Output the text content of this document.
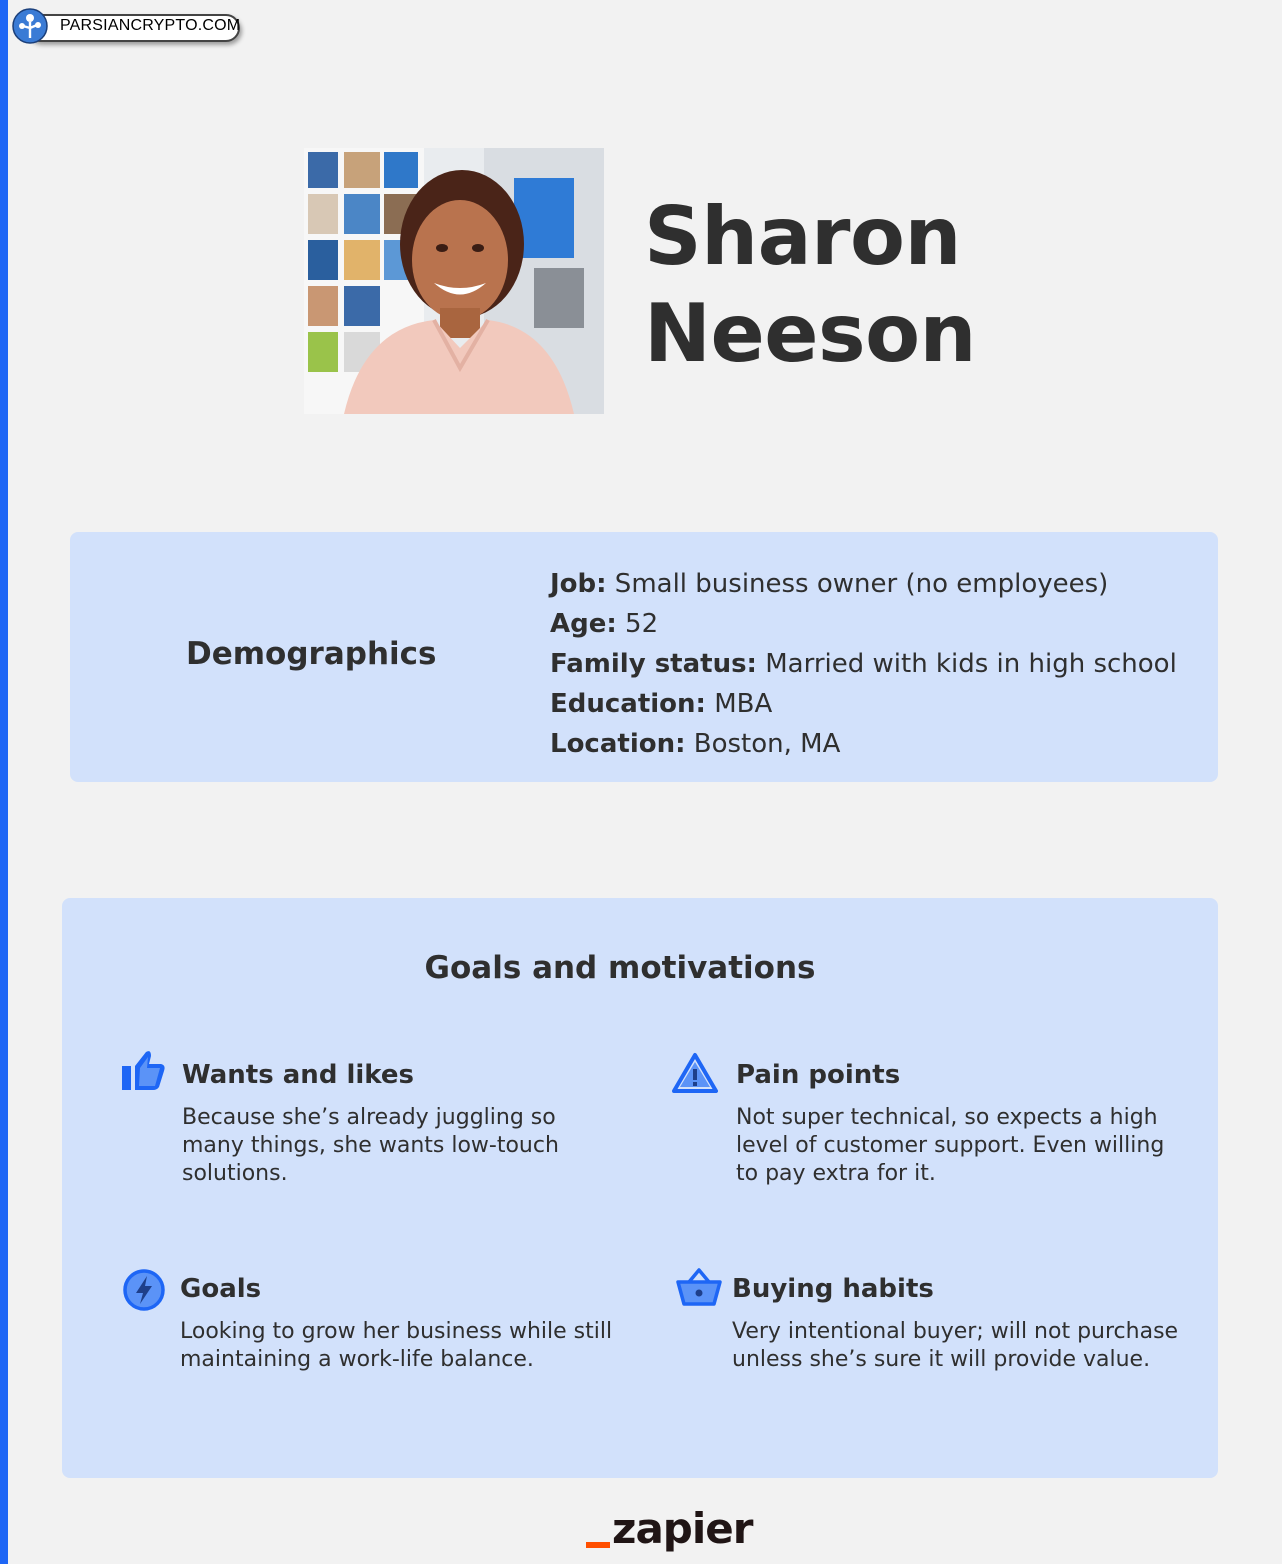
PARSIANCRYPTO.COM
Sharon
Neeson
Demographics
Job: Small business owner (no employees)
Age: 52
Family status: Married with kids in high school
Education: MBA
Location: Boston, MA
Goals and motivations
Wants and likes

Because she’s already juggling so many things, she wants low-touch solutions.

Pain points

Not super technical, so expects a high level of customer support. Even willing to pay extra for it.

Goals

Looking to grow her business while still maintaining a work-life balance.

Buying habits

Very intentional buyer; will not purchase unless she’s sure it will provide value.

zapier
